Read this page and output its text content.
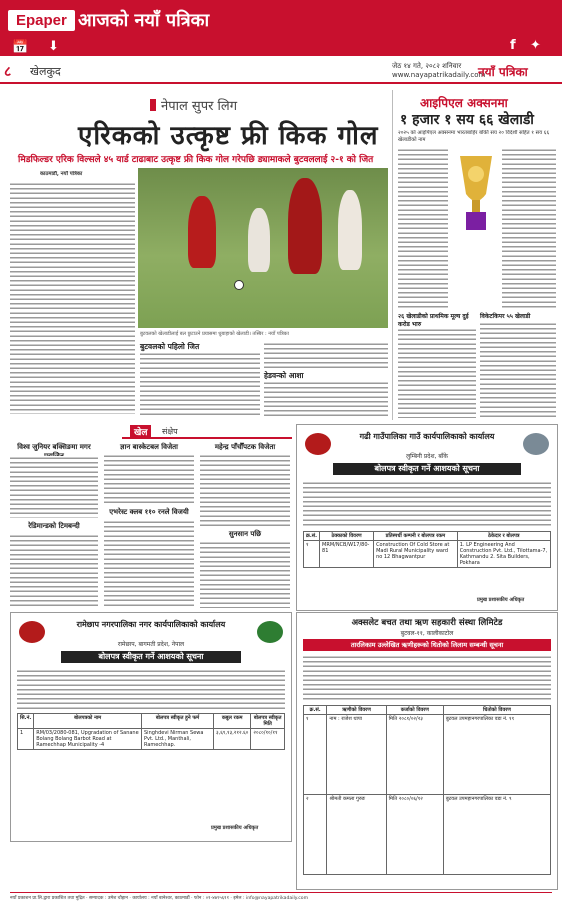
Epaper आजको नयाँ पत्रिका
📅 ⬇	f ✦
८ खेलकुद	जेठ १४ गते, २०८२ शनिवार
www.nayapatrikadaily.com
नयाँ पत्रिका
नेपाल सुपर लिग
एरिकको उत्कृष्ट फ्री किक गोल
मिडफिल्डर एरिक विल्सले ४५ यार्ड टाढाबाट उत्कृष्ट फ्री किक गोल गरेपछि ड्यामाकले बुटवललाई २-१ को जित
काठमाडौं, नयाँ पत्रिका
बुटवलको खेलाडीलाई बल छुटाउने प्रयासमा धुबाहाको खेलाडी। तस्बिर : नयाँ पत्रिका
बुटवलको पहिलो जित
हेडवन्को आशा
आइपिएल अक्सनमा
१ हजार १ सय ६६ खेलाडी
२०२५ को आइपिएल अक्सनमा भारतबाहिर बाँकी सय २० विदेशी सहित १ सय ६६ खेलाडीको नाम
२६ खेलाडीको प्राथमिक मूल्य दुई करोड भारु
विकेटकिपर ५५ खेलाडी
खेल	संक्षेप
विश्व जुनियर बक्सिङमा मगर
रेडिमान्डको टिमबन्दी
ज्ञान बास्केटबल विजेता
एभरेस्ट क्लब ११० रनले विजयी
महेन्द्र पाँचौँपटक विजेता
सुनसान पछि
गढी गाउँपालिका गाउँ कार्यपालिकाको कार्यालय
लुम्बिनी प्रदेश, बाँके
बोलपत्र स्वीकृत गर्ने आशयको सूचना
क्र.सं.	ठेक्काको विवरण	प्रतिस्पर्धी कम्पनी र बोलपत्र रकम	ठेकेदार र बोलपत्र
१	MRM/NCB/W17/80-81	Construction Of Cold Store at Madi Rural Municipality ward no 12 Bhagwantpur	1. LP Engineering And Construction Pvt. Ltd., Tilottama-7, Kathmandu 2. Sita Builders, Pokhara
प्रमुख प्रशासकीय अधिकृत
अक्सलेट बचत तथा ऋण सहकारी संस्था लिमिटेड
बुटवल-११, कालीकाटोल
तारलिकाम उल्लेखित ऋणीहरूको धितोको लिलाम सम्बन्धी सूचना
क्र.सं.	ऋणीको विवरण	कर्जाको विवरण	धितोको विवरण
१	नाम : राजेश थापा	मिति २०८१/०२/२३	बुटवल उपमहानगरपालिका वडा नं. ११
२	श्रीमती कमला गुरुङ	मिति २०८०/०६/१२	बुटवल उपमहानगरपालिका वडा नं. ९
रामेछाप नगरपालिका नगर कार्यपालिकाको कार्यालय
रामेछाप, बागमती प्रदेश, नेपाल
बोलपत्र स्वीकृत गर्ने आशयको सूचना
सि.नं.	बोलपत्रको नाम	बोलपत्र स्वीकृत हुने फर्म	कबुल रकम	बोलपत्र स्वीकृत मिति
1	RM/03/2080-081, Upgradation of Sanane Bolang Bolang Barbot Road at Ramechhap Municipality -4	Singhdevi Nirman Sewa Pvt. Ltd., Manthali, Ramechhap.	३,६९,१३,२१२.६०	२०८०/१०/११
प्रमुख प्रशासकीय अधिकृत
नयाँ प्रकाशन प्रा.लि.द्वारा प्रकाशित तथा मुद्रित · सम्पादक : उमेश चौहान · कार्यालय : नयाँ बानेश्वर, काठमाडौं · फोन : ०१-४७९५६११ · इमेल : info@nayapatrikadaily.com
